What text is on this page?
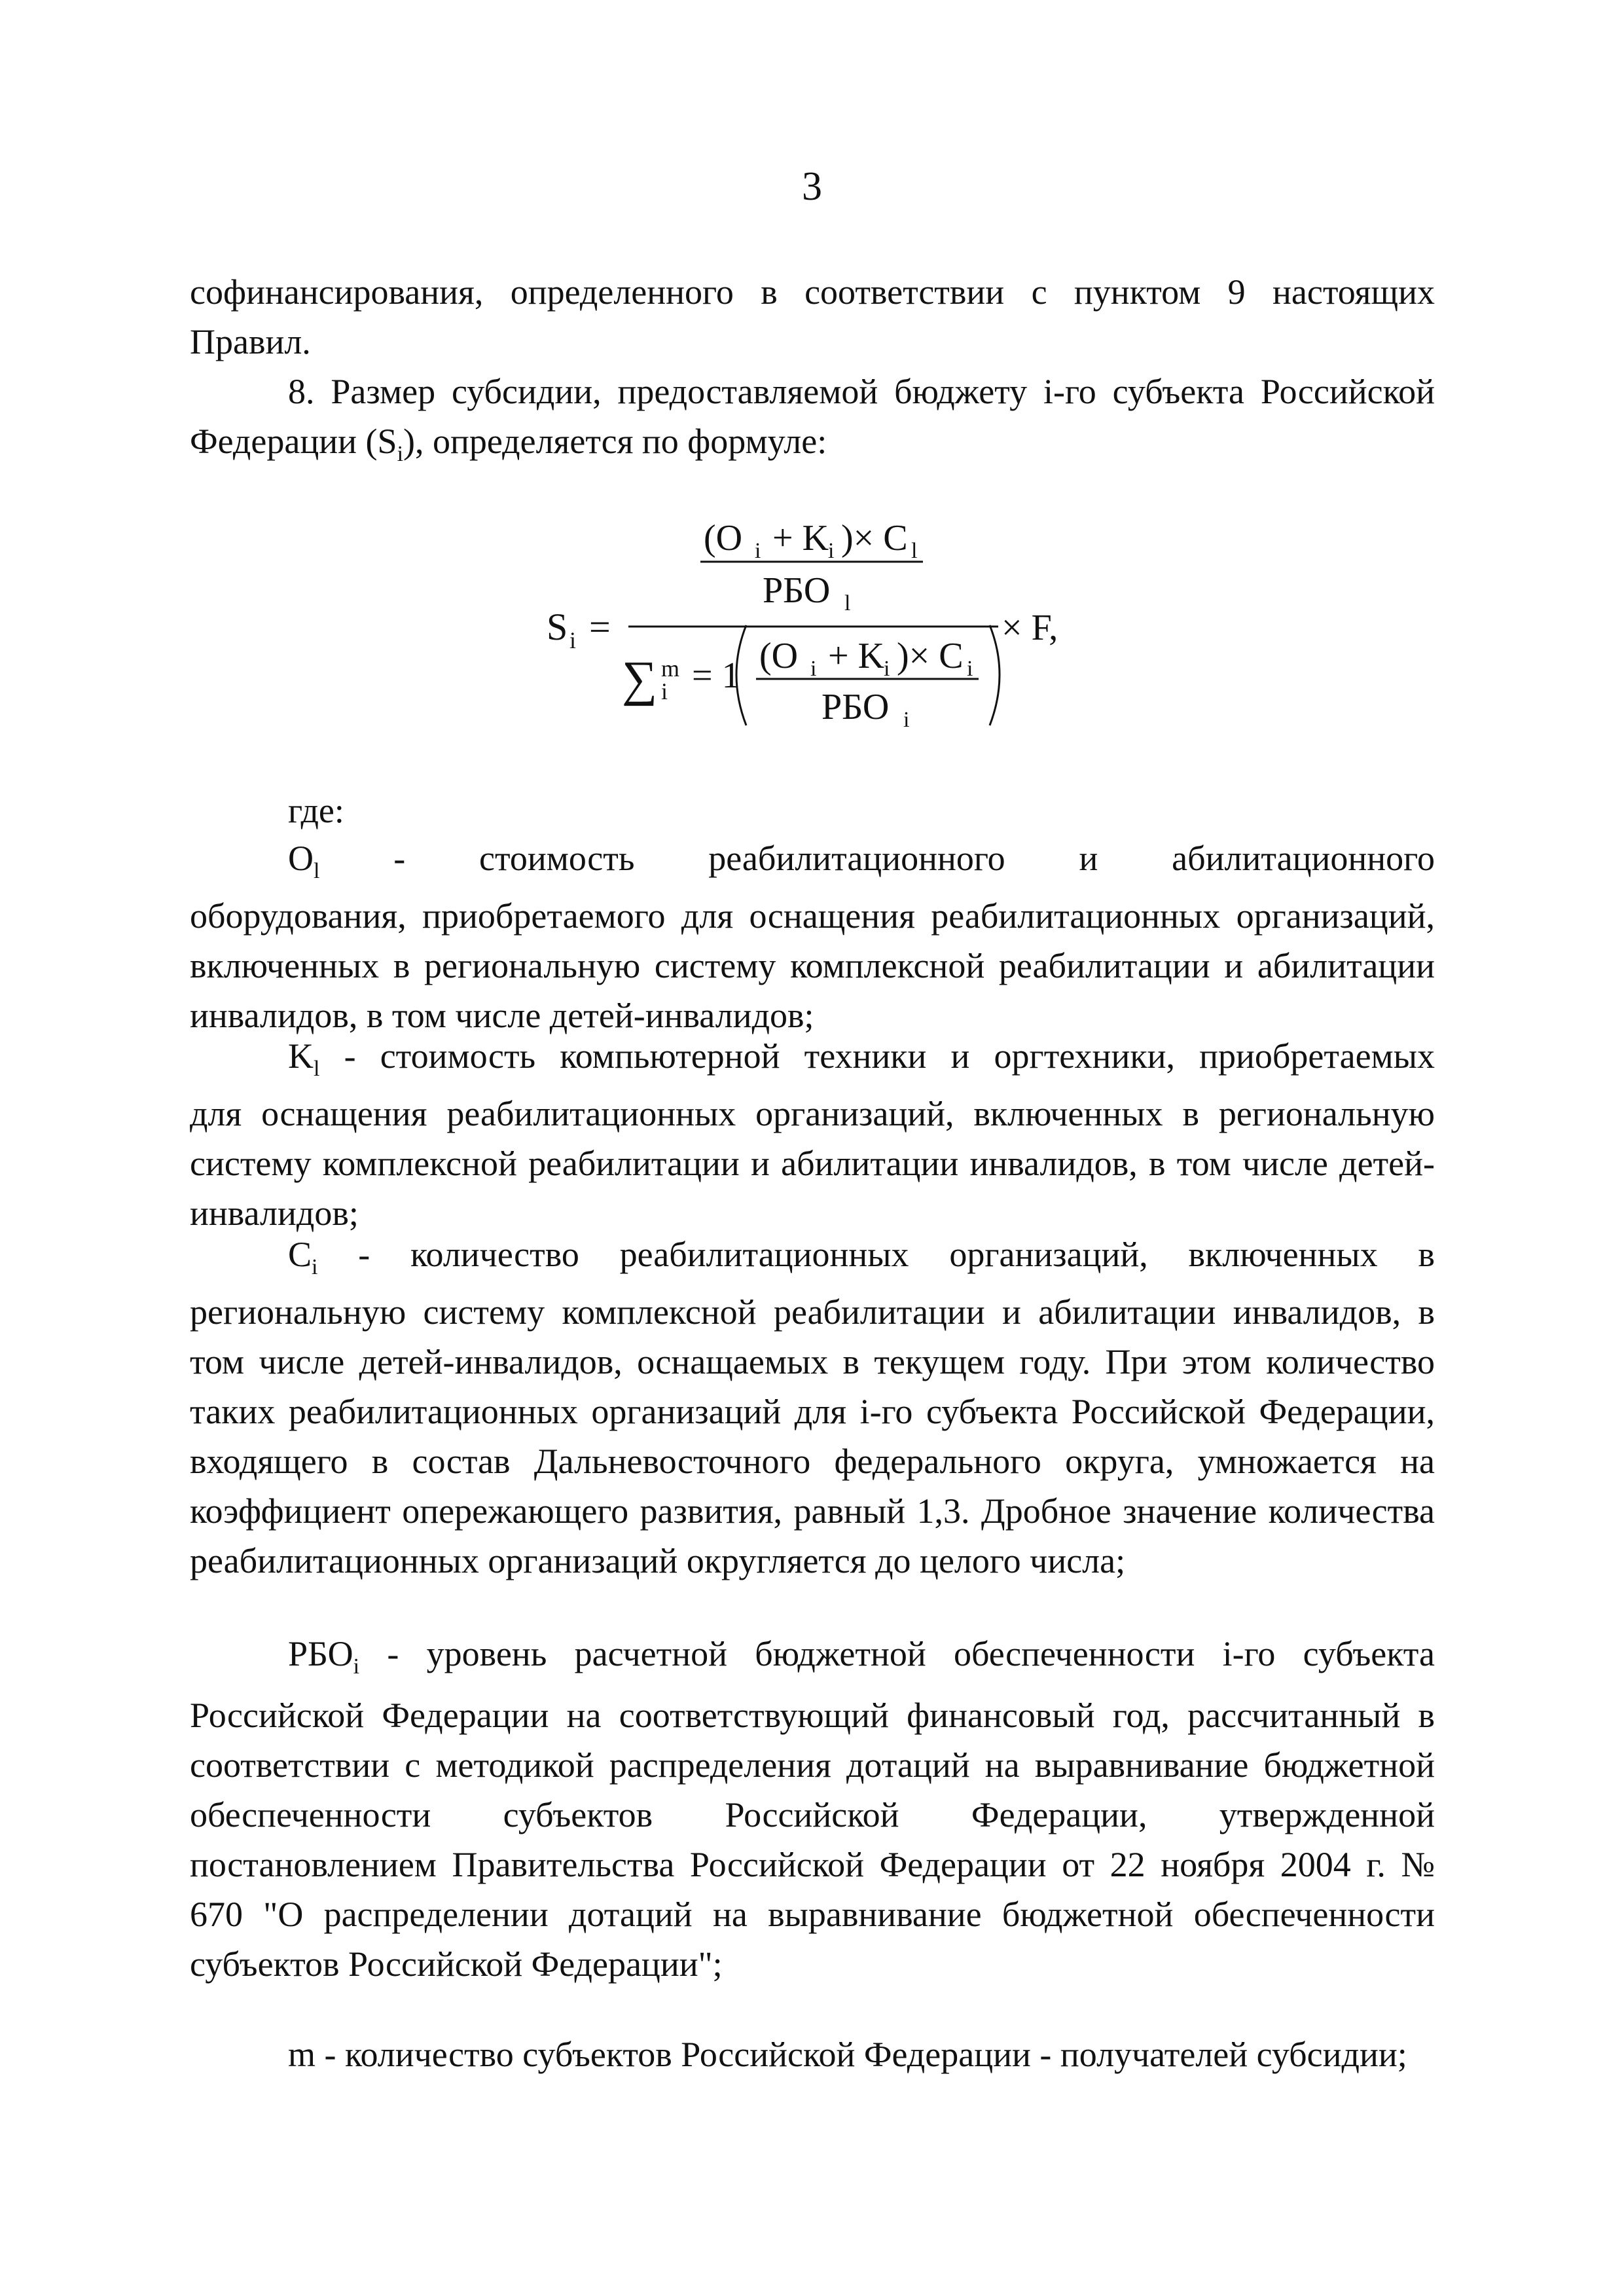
3

софинансирования, определенного в соответствии с пунктом 9 настоящих

Правил.

8. Размер субсидии, предоставляемой бюджету i-го субъекта Российской Федерации $(S_i)$, определяется по формуле:

S i =
(O i + K
i )× C l
РБО l
∑ m
i = 1 (O i + K
i )× C i
РБО i
× F,
где:

$O_l$ - стоимость реабилитационного и абилитационного

оборудования, приобретаемого для оснащения реабилитационных организаций, включенных в региональную систему комплексной реабилитации и абилитации инвалидов, в том числе детей-инвалидов;

$K_l$ - стоимость компьютерной техники и оргтехники, приобретаемых

для оснащения реабилитационных организаций, включенных в региональную систему комплексной реабилитации и абилитации инвалидов, в том числе детей-инвалидов;

$C_i$ - количество реабилитационных организаций, включенных в

региональную систему комплексной реабилитации и абилитации инвалидов, в том числе детей-инвалидов, оснащаемых в текущем году. При этом количество таких реабилитационных организаций для i-го субъекта Российской Федерации, входящего в состав Дальневосточного федерального округа, умножается на коэффициент опережающего развития, равный 1,3. Дробное значение количества реабилитационных организаций округляется до целого числа;

$РБО_i$ - уровень расчетной бюджетной обеспеченности i-го субъекта

Российской Федерации на соответствующий финансовый год, рассчитанный в соответствии с методикой распределения дотаций на выравнивание бюджетной обеспеченности субъектов Российской Федерации, утвержденной постановлением Правительства Российской Федерации от 22 ноября 2004 г. № 670 "О распределении дотаций на выравнивание бюджетной обеспеченности субъектов Российской Федерации";

m - количество субъектов Российской Федерации - получателей субсидии;
